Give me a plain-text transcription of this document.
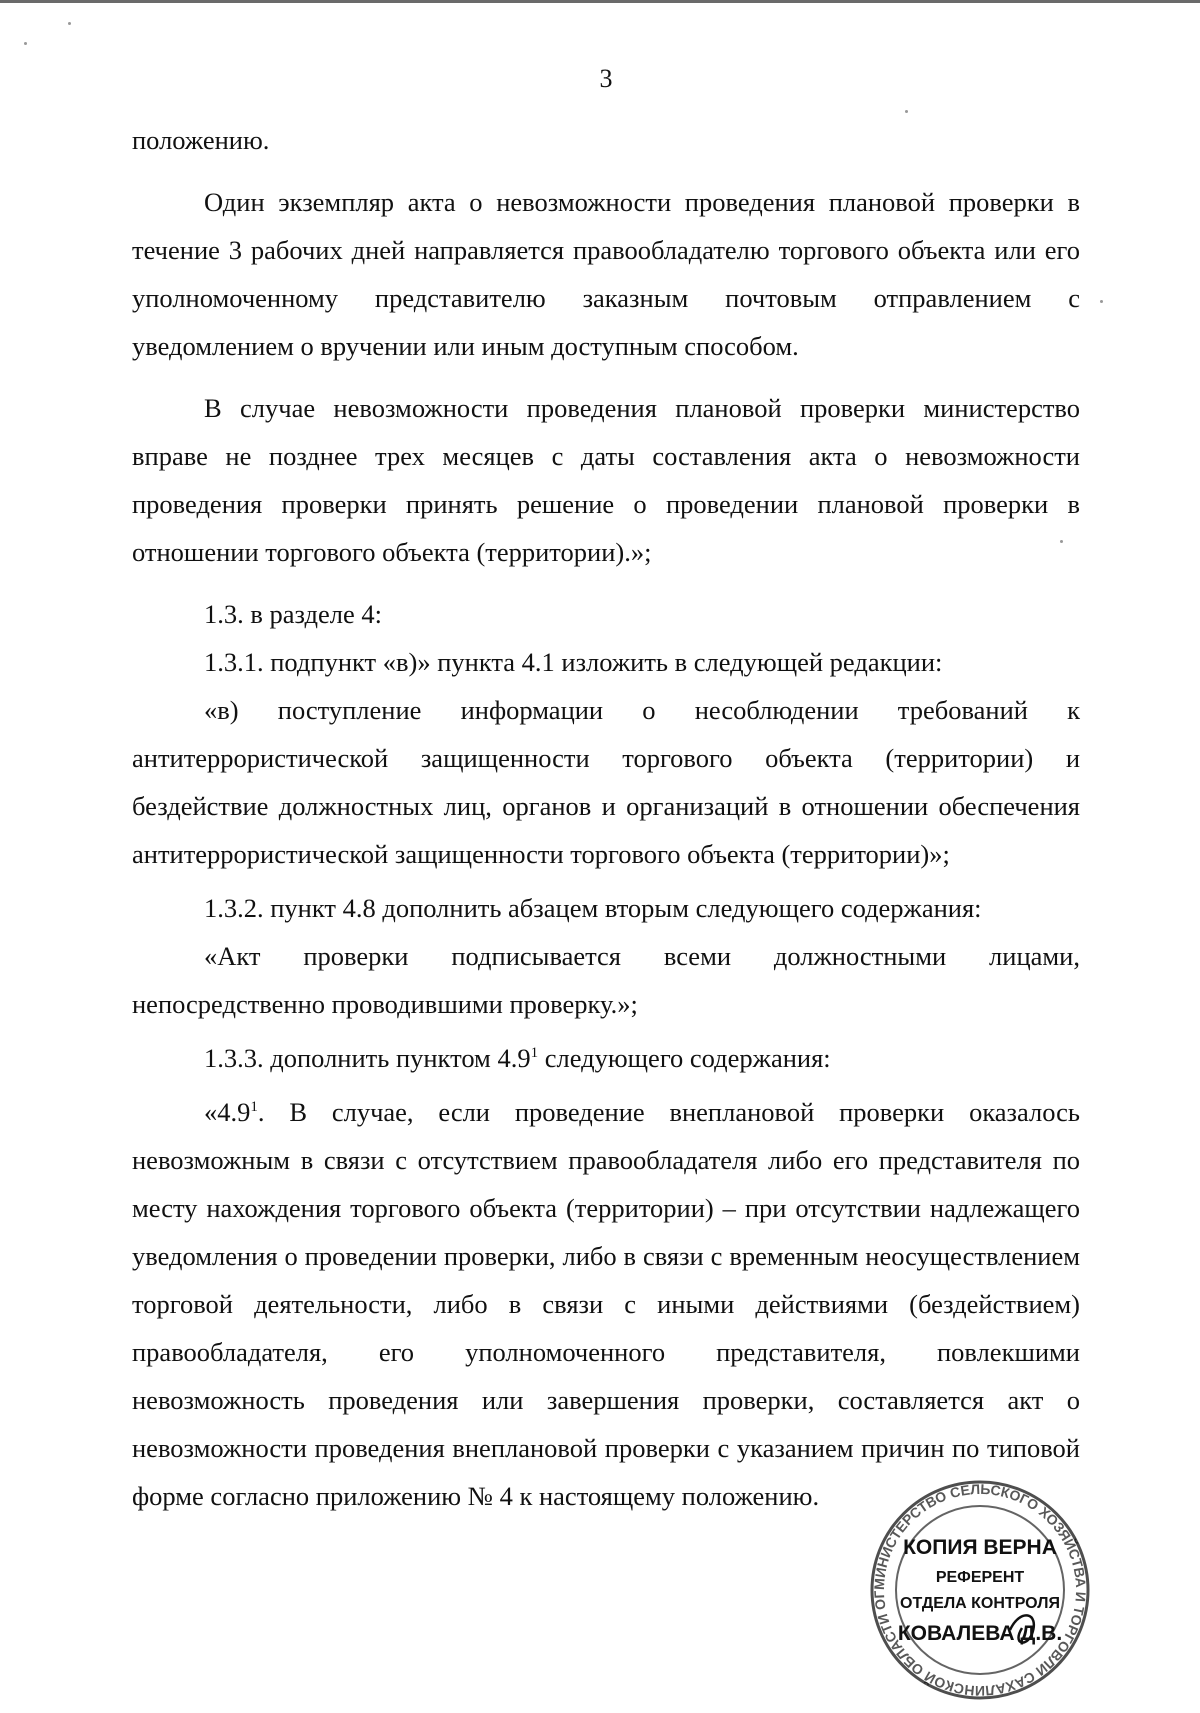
3

положению.

Один экземпляр акта о невозможности проведения плановой проверки в течение 3 рабочих дней направляется правообладателю торгового объекта или его уполномоченному представителю заказным почтовым отправлением с уведомлением о вручении или иным доступным способом.

В случае невозможности проведения плановой проверки министерство вправе не позднее трех месяцев с даты составления акта о невозможности проведения проверки принять решение о проведении плановой проверки в отношении торгового объекта (территории).»;

1.3. в разделе 4:

1.3.1. подпункт «в)» пункта 4.1 изложить в следующей редакции:

«в) поступление информации о несоблюдении требований к антитеррористической защищенности торгового объекта (территории) и бездействие должностных лиц, органов и организаций в отношении обеспечения антитеррористической защищенности торгового объекта (территории)»;

1.3.2. пункт 4.8 дополнить абзацем вторым следующего содержания:

«Акт проверки подписывается всеми должностными лицами, непосредственно проводившими проверку.»;

1.3.3. дополнить пунктом $4.9^1$ следующего содержания:

«$4.9^1$. В случае, если проведение внеплановой проверки оказалось невозможным в связи с отсутствием правообладателя либо его представителя по месту нахождения торгового объекта (территории) – при отсутствии надлежащего уведомления о проведении проверки, либо в связи с временным неосуществлением торговой деятельности, либо в связи с иными действиями (бездействием) правообладателя, его уполномоченного представителя, повлекшими невозможность проведения или завершения проверки, составляется акт о невозможности проведения внеплановой проверки с указанием причин по типовой форме согласно приложению № 4 к настоящему положению.

МИНИСТЕРСТВО СЕЛЬСКОГО ХОЗЯЙСТВА И ТОРГОВЛИ САХАЛИНСКОЙ ОБЛАСТИ ОГ
КОПИЯ ВЕРНА
РЕФЕРЕНТ
ОТДЕЛА КОНТРОЛЯ
КОВАЛЕВА Д.В.
